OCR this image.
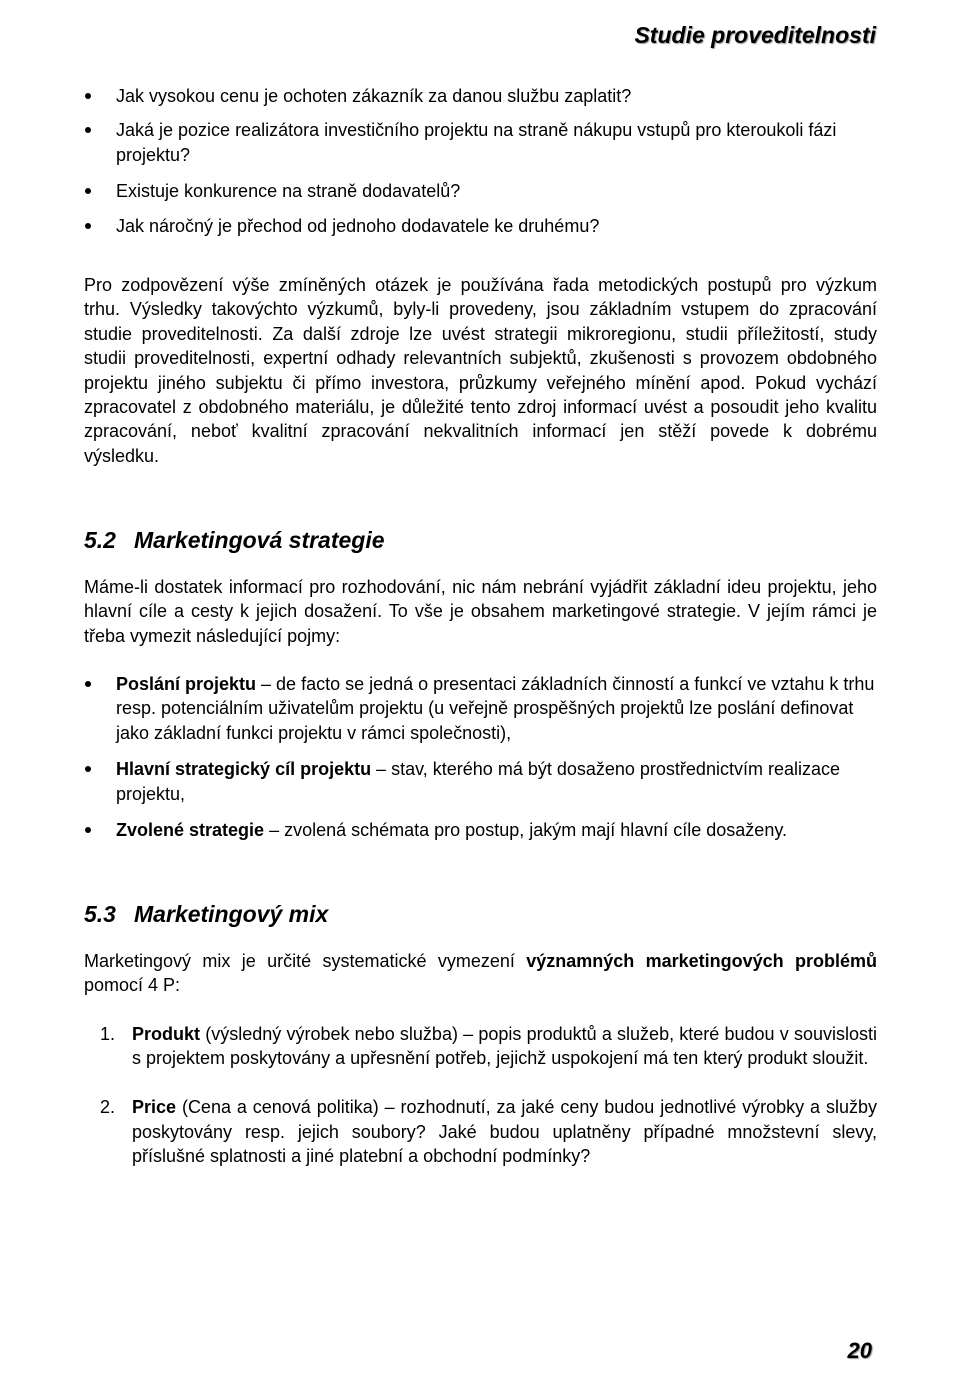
Studie proveditelnosti
Jak vysokou cenu je ochoten zákazník za danou službu zaplatit?
Jaká je pozice realizátora investičního projektu na straně nákupu vstupů pro kteroukoli fázi projektu?
Existuje konkurence na straně dodavatelů?
Jak náročný je přechod od jednoho dodavatele ke druhému?

Pro zodpovězení výše zmíněných otázek je používána řada metodických postupů pro výzkum trhu. Výsledky takovýchto výzkumů, byly-li provedeny, jsou základním vstupem do zpracování studie proveditelnosti. Za další zdroje lze uvést strategii mikroregionu, studii příležitostí, study studii proveditelnosti, expertní odhady relevantních subjektů, zkušenosti s provozem obdobného projektu jiného subjektu či přímo investora, průzkumy veřejného mínění apod. Pokud vychází zpracovatel z obdobného materiálu, je důležité tento zdroj informací uvést a posoudit jeho kvalitu zpracování, neboť kvalitní zpracování nekvalitních informací jen stěží povede k dobrému výsledku.

5.2 Marketingová strategie

Máme-li dostatek informací pro rozhodování, nic nám nebrání vyjádřit základní ideu projektu, jeho hlavní cíle a cesty k jejich dosažení. To vše je obsahem marketingové strategie. V jejím rámci je třeba vymezit následující pojmy:

Poslání projektu – de facto se jedná o presentaci základních činností a funkcí ve vztahu k trhu resp. potenciálním uživatelům projektu (u veřejně prospěšných projektů lze poslání definovat jako základní funkci projektu v rámci společnosti),
Hlavní strategický cíl projektu – stav, kterého má být dosaženo prostřednictvím realizace projektu,
Zvolené strategie – zvolená schémata pro postup, jakým mají hlavní cíle dosaženy.
5.3 Marketingový mix

Marketingový mix je určité systematické vymezení významných marketingových problémů pomocí 4 P:

1. Produkt (výsledný výrobek nebo služba) – popis produktů a služeb, které budou v souvislosti s projektem poskytovány a upřesnění potřeb, jejichž uspokojení má ten který produkt sloužit.
2. Price (Cena a cenová politika) – rozhodnutí, za jaké ceny budou jednotlivé výrobky a služby poskytovány resp. jejich soubory? Jaké budou uplatněny případné množstevní slevy, příslušné splatnosti a jiné platební a obchodní podmínky?
20
